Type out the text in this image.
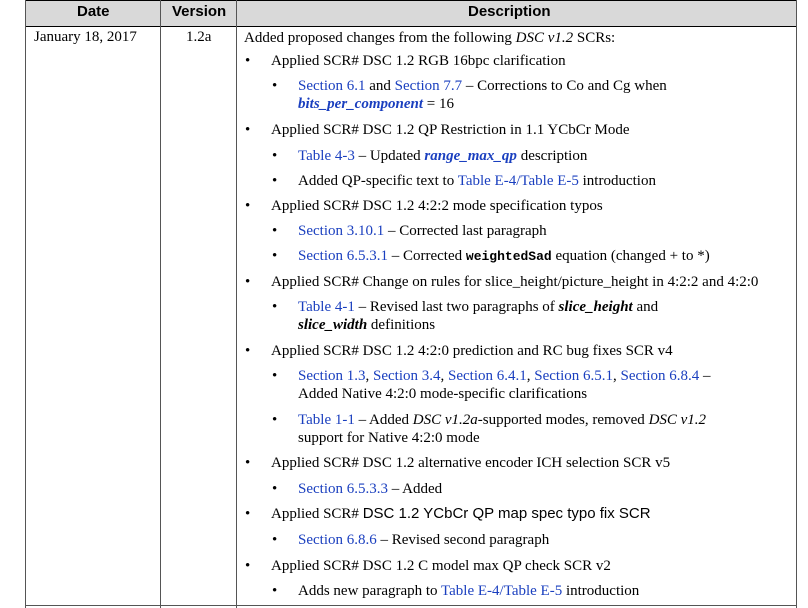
Date	Version	Description
January 18, 2017	1.2a Added proposed changes from the following DSC v1.2 SCRs:
• Applied SCR# DSC 1.2 RGB 16bpc clarification
• Section 6.1 and Section 7.7 – Corrections to Co and Cg when
bits_per_component = 16
• Applied SCR# DSC 1.2 QP Restriction in 1.1 YCbCr Mode
• Table 4-3 – Updated range_max_qp description
• Added QP-specific text to Table E-4/Table E-5 introduction
• Applied SCR# DSC 1.2 4:2:2 mode specification typos
• Section 3.10.1 – Corrected last paragraph
• Section 6.5.3.1 – Corrected weightedSad equation (changed + to *)
• Applied SCR# Change on rules for slice_height/picture_height in 4:2:2 and 4:2:0
• Table 4-1 – Revised last two paragraphs of slice_height and
slice_width definitions
• Applied SCR# DSC 1.2 4:2:0 prediction and RC bug fixes SCR v4
• Section 1.3, Section 3.4, Section 6.4.1, Section 6.5.1, Section 6.8.4 –
Added Native 4:2:0 mode-specific clarifications
• Table 1-1 – Added DSC v1.2a-supported modes, removed DSC v1.2
support for Native 4:2:0 mode
• Applied SCR# DSC 1.2 alternative encoder ICH selection SCR v5
• Section 6.5.3.3 – Added
• Applied SCR# DSC 1.2 YCbCr QP map spec typo fix SCR
• Section 6.8.6 – Revised second paragraph
• Applied SCR# DSC 1.2 C model max QP check SCR v2
• Adds new paragraph to Table E-4/Table E-5 introduction
